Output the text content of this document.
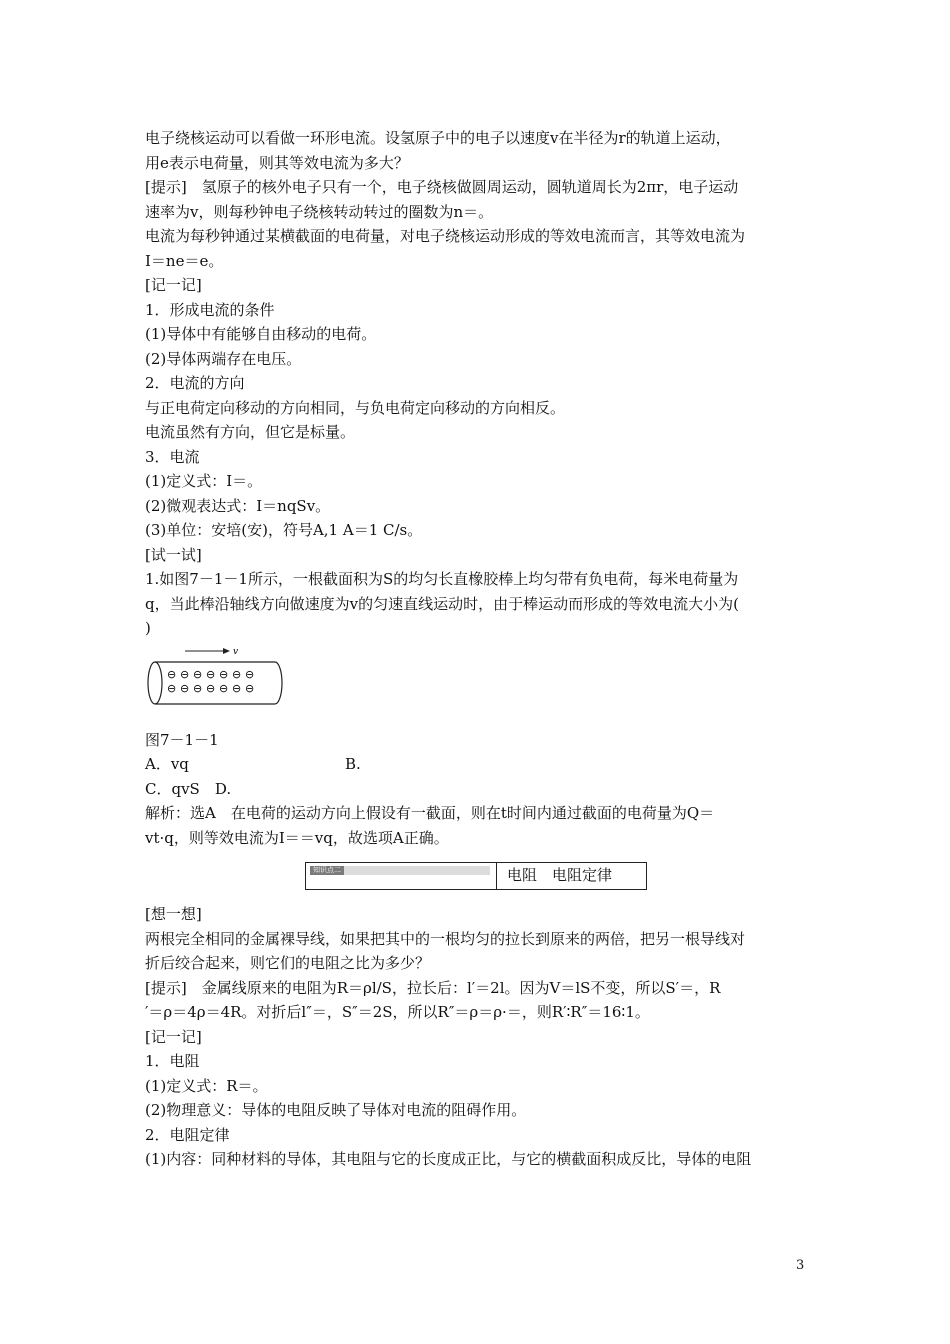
电子绕核运动可以看做一环形电流。设氢原子中的电子以速度v在半径为r的轨道上运动，
用e表示电荷量，则其等效电流为多大？
[提示]　氢原子的核外电子只有一个，电子绕核做圆周运动，圆轨道周长为2πr，电子运动
速率为v，则每秒钟电子绕核转动转过的圈数为n＝。
电流为每秒钟通过某横截面的电荷量，对电子绕核运动形成的等效电流而言，其等效电流为
I＝ne＝e。
[记一记]
1．形成电流的条件
(1)导体中有能够自由移动的电荷。
(2)导体两端存在电压。
2．电流的方向
与正电荷定向移动的方向相同，与负电荷定向移动的方向相反。
电流虽然有方向，但它是标量。
3．电流
(1)定义式：I＝。
(2)微观表达式：I＝nqSv。
(3)单位：安培(安)，符号A,1 A＝1 C/s。
[试一试]
1.如图7－1－1所示，一根截面积为S的均匀长直橡胶棒上均匀带有负电荷，每米电荷量为
q，当此棒沿轴线方向做速度为v的匀速直线运动时，由于棒运动而形成的等效电流大小为(
)
v
⊖ ⊖ ⊖ ⊖ ⊖ ⊖ ⊖
⊖ ⊖ ⊖ ⊖ ⊖ ⊖ ⊖
图7－1－1
A．vq	B.
C．qvS　D.
解析：选A　在电荷的运动方向上假设有一截面，则在t时间内通过截面的电荷量为Q＝
vt·q，则等效电流为I＝＝vq，故选项A正确。
知识点二	电阻　电阻定律
[想一想]
两根完全相同的金属裸导线，如果把其中的一根均匀的拉长到原来的两倍，把另一根导线对
折后绞合起来，则它们的电阻之比为多少？
[提示]　金属线原来的电阻为R＝ρl/S，拉长后：l′＝2l。因为V＝lS不变，所以S′＝，R
′＝ρ＝4ρ＝4R。对折后l″＝，S″＝2S，所以R″＝ρ＝ρ·＝，则R′∶R″＝16∶1。
[记一记]
1．电阻
(1)定义式：R＝。
(2)物理意义：导体的电阻反映了导体对电流的阻碍作用。
2．电阻定律
(1)内容：同种材料的导体，其电阻与它的长度成正比，与它的横截面积成反比，导体的电阻
3
